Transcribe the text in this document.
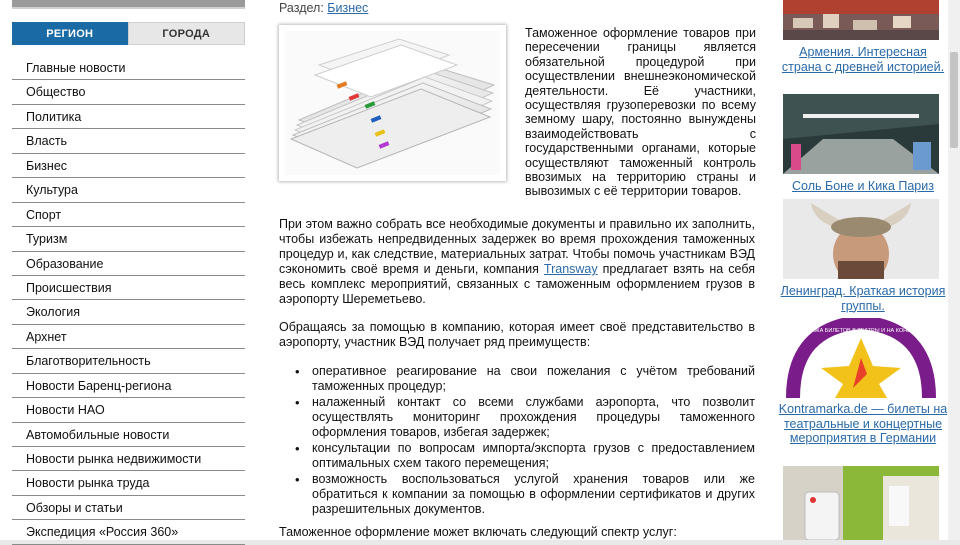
РЕГИОН	ГОРОДА
Главные новости
Общество
Политика
Власть
Бизнес
Культура
Спорт
Туризм
Образование
Происшествия
Экология
Архнет
Благотворительность
Новости Баренц-региона
Новости НАО
Автомобильные новости
Новости рынка недвижимости
Новости рынка труда
Обзоры и статьи
Экспедиция «Россия 360»
Раздел: Бизнес
Таможенное оформление товаров при пересечении границы является обязательной процедурой при осуществлении внешнеэкономической деятельности. Её участники, осуществляя грузоперевозки по всему земному шару, постоянно вынуждены взаимодействовать с государственными органами, которые осуществляют таможенный контроль ввозимых на территорию страны и вывозимых с её территории товаров.
При этом важно собрать все необходимые документы и правильно их заполнить, чтобы избежать непредвиденных задержек во время прохождения таможенных процедур и, как следствие, материальных затрат. Чтобы помочь участникам ВЭД сэкономить своё время и деньги, компания Transway предлагает взять на себя весь комплекс мероприятий, связанных с таможенным оформлением грузов в аэропорту Шереметьево.
Обращаясь за помощью в компанию, которая имеет своё представительство в аэропорту, участник ВЭД получает ряд преимуществ:
• оперативное реагирование на свои пожелания с учётом требований таможенных процедур;
• налаженный контакт со всеми службами аэропорта, что позволит осуществлять мониторинг прохождения процедуры таможенного оформления товаров, избегая задержек;
• консультации по вопросам импорта/экспорта грузов с предоставлением оптимальных схем такого перемещения;
• возможность воспользоваться услугой хранения товаров или же обратиться к компании за помощью в оформлении сертификатов и других разрешительных документов.
Таможенное оформление может включать следующий спектр услуг:
Армения. Интересная страна с древней историей.
Соль Боне и Кика Париз
Ленинград. Краткая история группы.
ПРОДАЖА БИЛЕТОВ В ТЕАТРЫ И НА КОНЦЕРТЫ
Kontramarka.de — билеты на театральные и концертные мероприятия в Германии
